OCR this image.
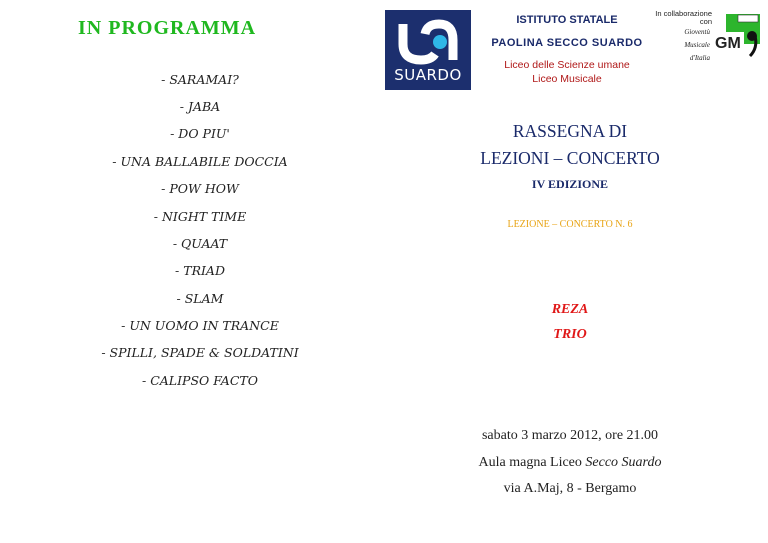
IN PROGRAMMA
- SARAMAI?
- JABA
- DO PIU'
- UNA BALLABILE DOCCIA
- POW HOW
- NIGHT TIME
- QUAAT
- TRIAD
- SLAM
- UN UOMO IN TRANCE
- SPILLI, SPADE & SOLDATINI
- CALIPSO FACTO
SUARDO
ISTITUTO STATALE
PAOLINA SECCO SUARDO
Liceo delle Scienze umane
Liceo Musicale
In collaborazione
con
Gioventù
Musicale
d'Italia
GM
RASSEGNA DI
LEZIONI – CONCERTO
IV EDIZIONE
LEZIONE – CONCERTO N. 6
REZA
TRIO
sabato 3 marzo 2012, ore 21.00
Aula magna Liceo Secco Suardo
via A.Maj, 8 - Bergamo
